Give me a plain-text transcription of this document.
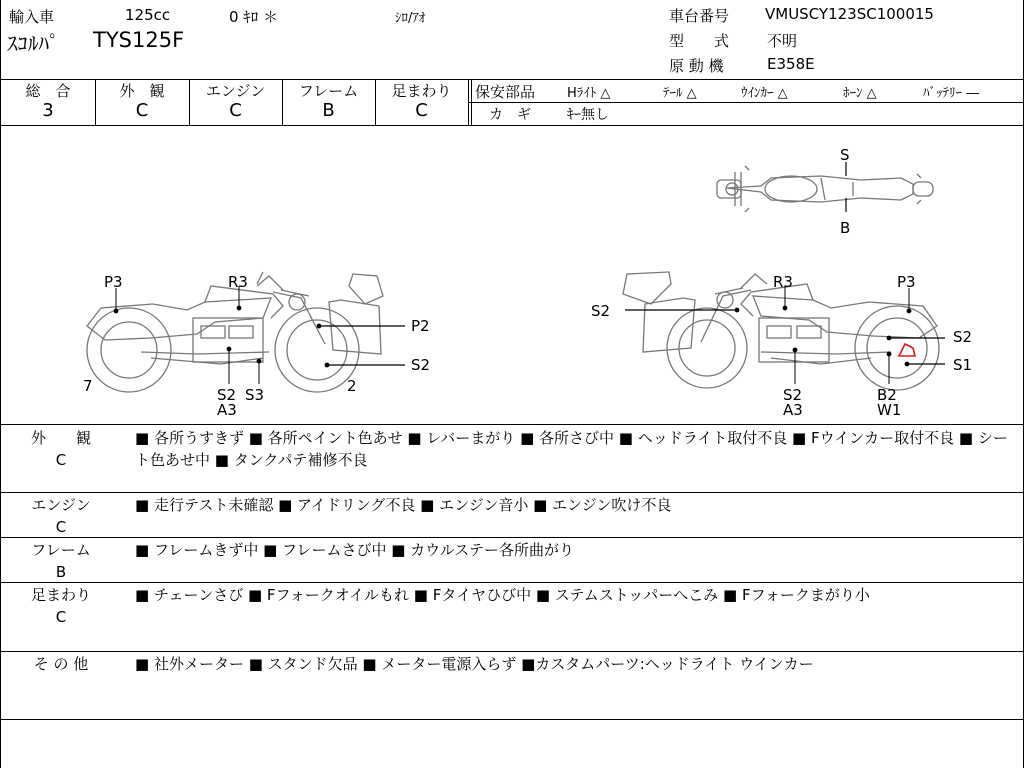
輸入車	125cc	0 ｷﾛ ＊	ｼﾛ/ｱｵ
ｽｺﾙﾊﾟ TYS125F
車台番号 VMUSCY123SC100015
型　　式	不明
原 動 機	E358E
総　合
3
外　観
C
エンジン
C
フレーム
B
足まわり
C
保安部品 Hﾗｲﾄ △	ﾃｰﾙ △	ｳｲﾝｶｰ △	ﾎｰﾝ △	ﾊﾞｯﾃﾘｰ ―
カ　ギ	ｷｰ無し
S
B
P3	R3
P2
S2
7	2
S2 S3
A3
S2
R3	P3
S2
S1
S2
A3
B2
W1
外　　観
C
■ 各所うすきず ■ 各所ペイント色あせ ■ レバーまがり ■ 各所さび中 ■ ヘッドライト取付不良 ■ Fウインカー取付不良 ■ シート色あせ中 ■ タンクパテ補修不良
エンジン
C
■ 走行テスト未確認 ■ アイドリング不良 ■ エンジン音小 ■ エンジン吹け不良
フレーム
B
■ フレームきず中 ■ フレームさび中 ■ カウルステー各所曲がり
足まわり
C
■ チェーンさび ■ Fフォークオイルもれ ■ Fタイヤひび中 ■ ステムストッパーへこみ ■ Fフォークまがり小
そ の 他	■ 社外メーター ■ スタンド欠品 ■ メーター電源入らず ■カスタムパーツ:ヘッドライト ウインカー
